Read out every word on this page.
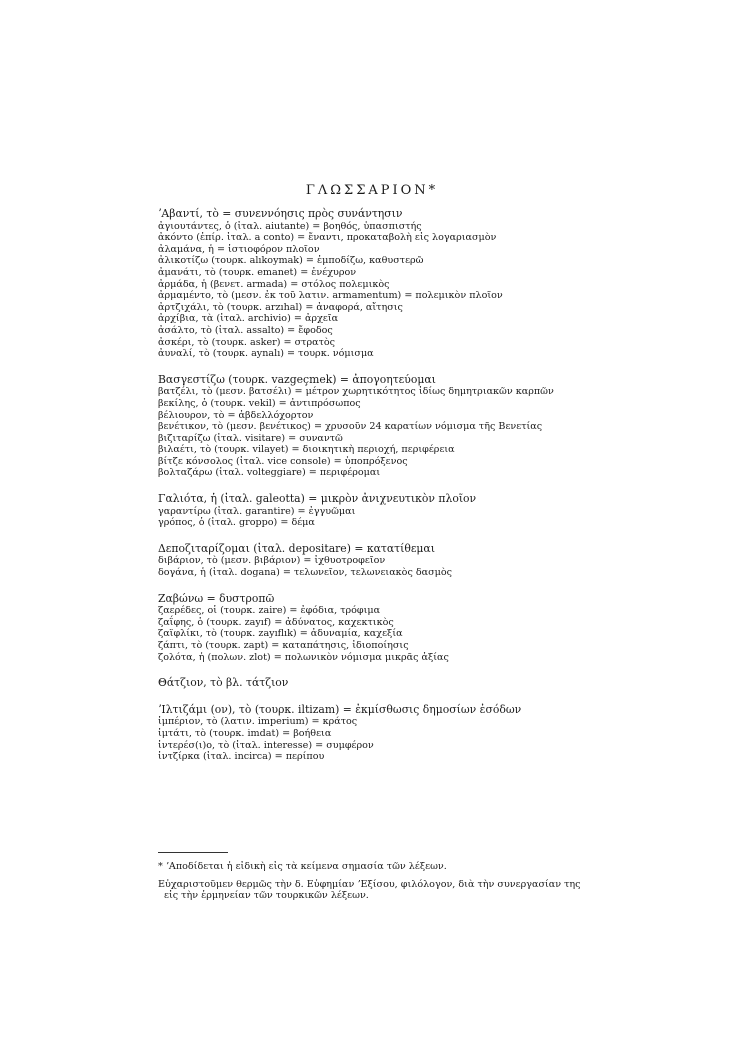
ΓΛΩΣΣΑΡΙΟΝ*
ʼΑβαντί, τὸ = συνεννόησις πρὸς συνάντησιν
ἀγιουτάντες, ὁ (ἰταλ. aiutante) = βοηθός, ὑπασπιστής
ἀκόντο (ἐπίρ. ἰταλ. a conto) = ἔναντι, προκαταβολὴ εἰς λογαριασμὸν
ἀλαμάνα, ἡ = ἱστιοφόρον πλοῖον
ἀλικοτίζω (τουρκ. alıkoymak) = ἐμποδίζω, καθυστερῶ
ἀμανάτι, τὸ (τουρκ. emanet) = ἐνέχυρον
ἀρμάδα, ἡ (βενετ. armada) = στόλος πολεμικὸς
ἀρμαμέντο, τὸ (μεσν. ἐκ τοῦ λατιν. armamentum) = πολεμικὸν πλοῖον
ἀρτζιχάλι, τὸ (τουρκ. arzıhal) = ἀναφορά, αἴτησις
ἀρχίβια, τὰ (ἰταλ. archivio) = ἀρχεῖα
ἀσάλτο, τὸ (ἰταλ. assalto) = ἔφοδος
ἀσκέρι, τὸ (τουρκ. asker) = στρατὸς
ἀυναλί, τὸ (τουρκ. aynalı) = τουρκ. νόμισμα
Βασγεστίζω (τουρκ. vazgeçmek) = ἀπογοητεύομαι
βατζέλι, τὸ (μεσν. βατσέλι) = μέτρον χωρητικότητος ἰδίως δημητριακῶν καρπῶν
βεκίλης, ὁ (τουρκ. vekil) = ἀντιπρόσωπος
βέλιουρον, τὸ = ἀβδελλόχορτον
βενέτικον, τὸ (μεσν. βενέτικος) = χρυσοῦν 24 καρατίων νόμισμα τῆς Βενετίας
βιζιταρίζω (ἰταλ. visitare) = συναντῶ
βιλαέτι, τὸ (τουρκ. vilayet) = διοικητικὴ περιοχή, περιφέρεια
βίτζε κόνσολος (ἰταλ. vice console) = ὑποπρόξενος
βολταζάρω (ἰταλ. volteggiare) = περιφέρομαι
Γαλιότα, ἡ (ἰταλ. galeotta) = μικρὸν ἀνιχνευτικὸν πλοῖον
γαραντίρω (ἰταλ. garantire) = ἐγγυῶμαι
γρόπος, ὁ (ἰταλ. groppo) = δέμα
Δεποζιταρίζομαι (ἰταλ. depositare) = κατατίθεμαι
διβάριον, τὸ (μεσν. βιβάριον) = ἰχθυοτροφεῖον
δογάνα, ἡ (ἰταλ. dogana) = τελωνεῖον, τελωνειακὸς δασμὸς
Ζαβώνω = δυστροπῶ
ζαερέδες, οἱ (τουρκ. zaire) = ἐφόδια, τρόφιμα
ζαΐφης, ὁ (τουρκ. zayıf) = ἀδύνατος, καχεκτικὸς
ζαϊφλίκι, τὸ (τουρκ. zayıflık) = ἀδυναμία, καχεξία
ζάπτι, τὸ (τουρκ. zapt) = καταπάτησις, ἰδιοποίησις
ζολότα, ἡ (πολων. zlot) = πολωνικὸν νόμισμα μικρᾶς ἀξίας
Θάτζιον, τὸ βλ. τάτζιον
ʼΙλτιζάμι (ον), τὸ (τουρκ. iltizam) = ἐκμίσθωσις δημοσίων ἐσόδων
ἰμπέριον, τὸ (λατιν. imperium) = κράτος
ἰμτάτι, τὸ (τουρκ. imdat) = βοήθεια
ἰντερέσ(ι)ο, τὸ (ἰταλ. interesse) = συμφέρον
ἰντζίρκα (ἰταλ. incirca) = περίπου
* ʼΑποδίδεται ἡ εἰδικὴ εἰς τὰ κείμενα σημασία τῶν λέξεων.
Εὐχαριστοῦμεν θερμῶς τὴν δ. Εὐφημίαν ʼΕξίσου, φιλόλογον, διὰ τὴν συνεργασίαν της
εἰς τὴν ἑρμηνείαν τῶν τουρκικῶν λέξεων.
